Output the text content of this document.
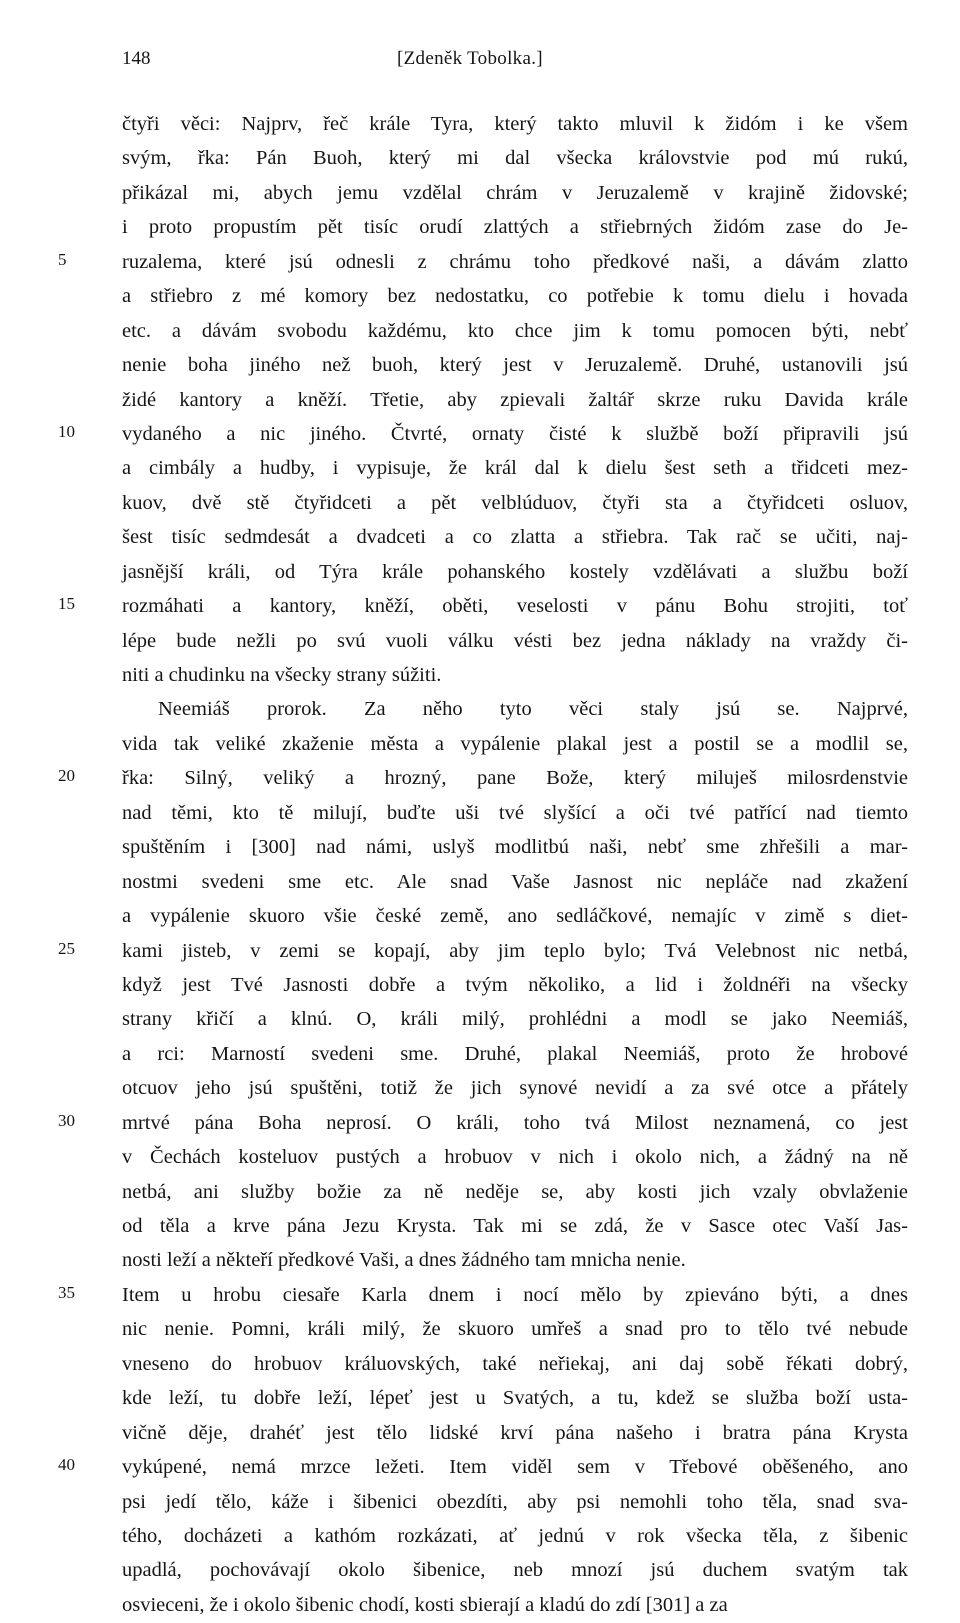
148	[Zdeněk Tobolka.]
čtyři věci: Najprv, řeč krále Tyra, který takto mluvil k židóm i ke všem
svým, řka: Pán Buoh, který mi dal všecka královstvie pod mú rukú,
přikázal mi, abych jemu vzdělal chrám v Jeruzalemě v krajině židovské;
i proto propustím pět tisíc orudí zlattých a střiebrných židóm zase do Je-
5	ruzalema, které jsú odnesli z chrámu toho předkové naši, a dávám zlatto
a střiebro z mé komory bez nedostatku, co potřebie k tomu dielu i hovada
etc. a dávám svobodu každému, kto chce jim k tomu pomocen býti, nebť
nenie boha jiného než buoh, který jest v Jeruzalemě. Druhé, ustanovili jsú
židé kantory a kněží. Třetie, aby zpievali žaltář skrze ruku Davida krále
10	vydaného a nic jiného. Čtvrté, ornaty čisté k službě boží připravili jsú
a cimbály a hudby, i vypisuje, že král dal k dielu šest seth a třidceti mez-
kuov, dvě stě čtyřidceti a pět velblúduov, čtyři sta a čtyřidceti osluov,
šest tisíc sedmdesát a dvadceti a co zlatta a střiebra. Tak rač se učiti, naj-
jasnější králi, od Týra krále pohanského kostely vzdělávati a službu boží
15	rozmáhati a kantory, kněží, oběti, veselosti v pánu Bohu strojiti, toť
lépe bude nežli po svú vuoli válku vésti bez jedna náklady na vraždy či-
niti a chudinku na všecky strany súžiti.
Neemiáš prorok. Za něho tyto věci staly jsú se. Najprvé,
vida tak veliké zkaženie města a vypálenie plakal jest a postil se a modlil se,
20	řka: Silný, veliký a hrozný, pane Bože, který miluješ milosrdenstvie
nad těmi, kto tě milují, buďte uši tvé slyšící a oči tvé patřící nad tiemto
spuštěním i [300] nad námi, uslyš modlitbú naši, nebť sme zhřešili a mar-
nostmi svedeni sme etc. Ale snad Vaše Jasnost nic nepláče nad zkažení
a vypálenie skuoro všie české země, ano sedláčkové, nemajíc v zimě s diet-
25	kami jisteb, v zemi se kopají, aby jim teplo bylo; Tvá Velebnost nic netbá,
když jest Tvé Jasnosti dobře a tvým několiko, a lid i žoldnéři na všecky
strany křičí a klnú. O, králi milý, prohlédni a modl se jako Neemiáš,
a rci: Marností svedeni sme. Druhé, plakal Neemiáš, proto že hrobové
otcuov jeho jsú spuštěni, totiž že jich synové nevidí a za své otce a přátely
30	mrtvé pána Boha neprosí. O králi, toho tvá Milost neznamená, co jest
v Čechách kosteluov pustých a hrobuov v nich i okolo nich, a žádný na ně
netbá, ani služby božie za ně neděje se, aby kosti jich vzaly obvlaženie
od těla a krve pána Jezu Krysta. Tak mi se zdá, že v Sasce otec Vaší Jas-
nosti leží a někteří předkové Vaši, a dnes žádného tam mnicha nenie.
35	Item u hrobu ciesaře Karla dnem i nocí mělo by zpieváno býti, a dnes
nic nenie. Pomni, králi milý, že skuoro umřeš a snad pro to tělo tvé nebude
vneseno do hrobuov králuovských, také neřiekaj, ani daj sobě řékati dobrý,
kde leží, tu dobře leží, lépeť jest u Svatých, a tu, kdež se služba boží usta-
vičně děje, drahéť jest tělo lidské krví pána našeho i bratra pána Krysta
40	vykúpené, nemá mrzce ležeti. Item viděl sem v Třebové oběšeného, ano
psi jedí tělo, káže i šibenici obezdíti, aby psi nemohli toho těla, snad sva-
tého, docházeti a kathóm rozkázati, ať jednú v rok všecka těla, z šibenic
upadlá, pochovávají okolo šibenice, neb mnozí jsú duchem svatým tak
osvieceni, že i okolo šibenic chodí, kosti sbierají a kladú do zdí [301] a za
